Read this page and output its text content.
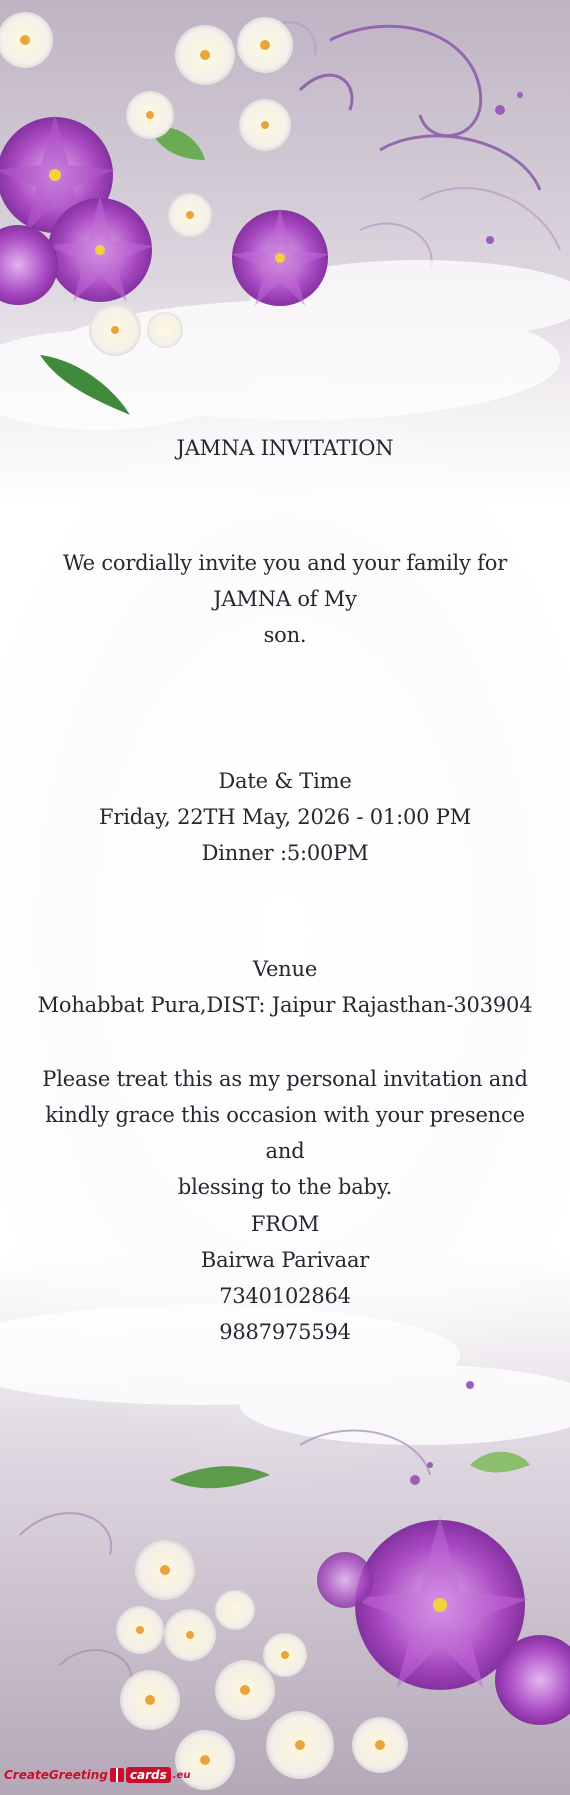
JAMNA INVITATION
We cordially invite you and your family for
JAMNA of My
son.
Date & Time
Friday, 22TH May, 2026 - 01:00 PM
Dinner :5:00PM
Venue
Mohabbat Pura,DIST: Jaipur Rajasthan-303904
Please treat this as my personal invitation and
kindly grace this occasion with your presence and
blessing to the baby.
FROM
Bairwa Parivaar
7340102864
9887975594
CreateGreeting	cards .eu
